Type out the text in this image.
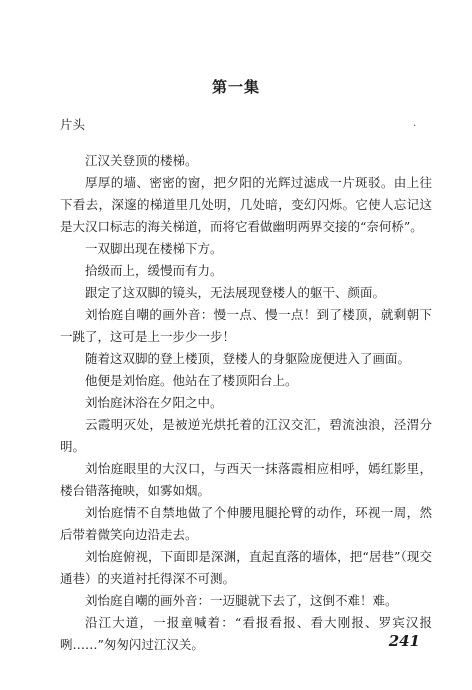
第一集
片头	.

江汉关登顶的楼梯。

厚厚的墙、密密的窗，把夕阳的光辉过滤成一片斑驳。由上往下看去，深邃的梯道里几处明，几处暗，变幻闪烁。它使人忘记这是大汉口标志的海关梯道，而将它看做幽明两界交接的“奈何桥”。

一双脚出现在楼梯下方。

拾级而上，缓慢而有力。

跟定了这双脚的镜头，无法展现登楼人的躯干、颜面。

刘怡庭自嘲的画外音：慢一点、慢一点！到了楼顶，就剩朝下一跳了，这可是上一步少一步！

随着这双脚的登上楼顶，登楼人的身躯险庞便进入了画面。

他便是刘怡庭。他站在了楼顶阳台上。

刘怡庭沐浴在夕阳之中。

云霞明灭处，是被逆光烘托着的江汉交汇，碧流浊浪，泾渭分明。

刘怡庭眼里的大汉口，与西天一抹落霞相应相呼，嫣红影里，楼台错落掩映，如雾如烟。

刘怡庭情不自禁地做了个伸腰甩腿抡臂的动作，环视一周，然后带着微笑向边沿走去。

刘怡庭俯视，下面即是深渊，直起直落的墙体，把“居巷”（现交通巷）的夹道衬托得深不可测。

刘怡庭自嘲的画外音：一迈腿就下去了，这倒不难！难。

沿江大道，一报童喊着：“看报看报、看大刚报、罗宾汉报咧……”匆匆闪过江汉关。	241
